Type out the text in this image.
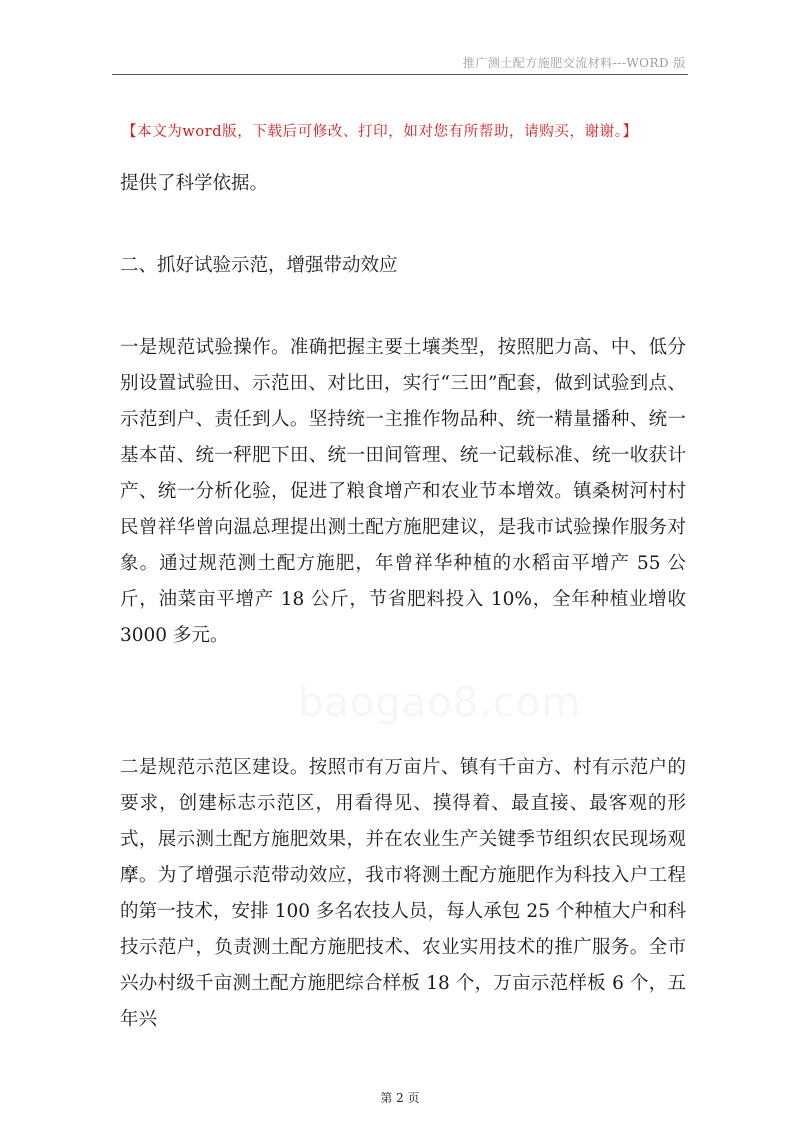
推广测土配方施肥交流材料---WORD 版
【本文为word版，下载后可修改、打印，如对您有所帮助，请购买，谢谢。】
提供了科学依据。
二、抓好试验示范，增强带动效应
一是规范试验操作。准确把握主要土壤类型，按照肥力高、中、低分别设置试验田、示范田、对比田，实行“三田”配套，做到试验到点、示范到户、责任到人。坚持统一主推作物品种、统一精量播种、统一基本苗、统一秤肥下田、统一田间管理、统一记载标准、统一收获计产、统一分析化验，促进了粮食增产和农业节本增效。镇桑树河村村民曾祥华曾向温总理提出测土配方施肥建议，是我市试验操作服务对象。通过规范测土配方施肥，年曾祥华种植的水稻亩平增产 55 公斤，油菜亩平增产 18 公斤，节省肥料投入 10%，全年种植业增收 3000 多元。
二是规范示范区建设。按照市有万亩片、镇有千亩方、村有示范户的要求，创建标志示范区，用看得见、摸得着、最直接、最客观的形式，展示测土配方施肥效果，并在农业生产关键季节组织农民现场观摩。为了增强示范带动效应，我市将测土配方施肥作为科技入户工程的第一技术，安排 100 多名农技人员，每人承包 25 个种植大户和科技示范户，负责测土配方施肥技术、农业实用技术的推广服务。全市兴办村级千亩测土配方施肥综合样板 18 个，万亩示范样板 6 个，五年兴
baogao8.com
第 2 页
